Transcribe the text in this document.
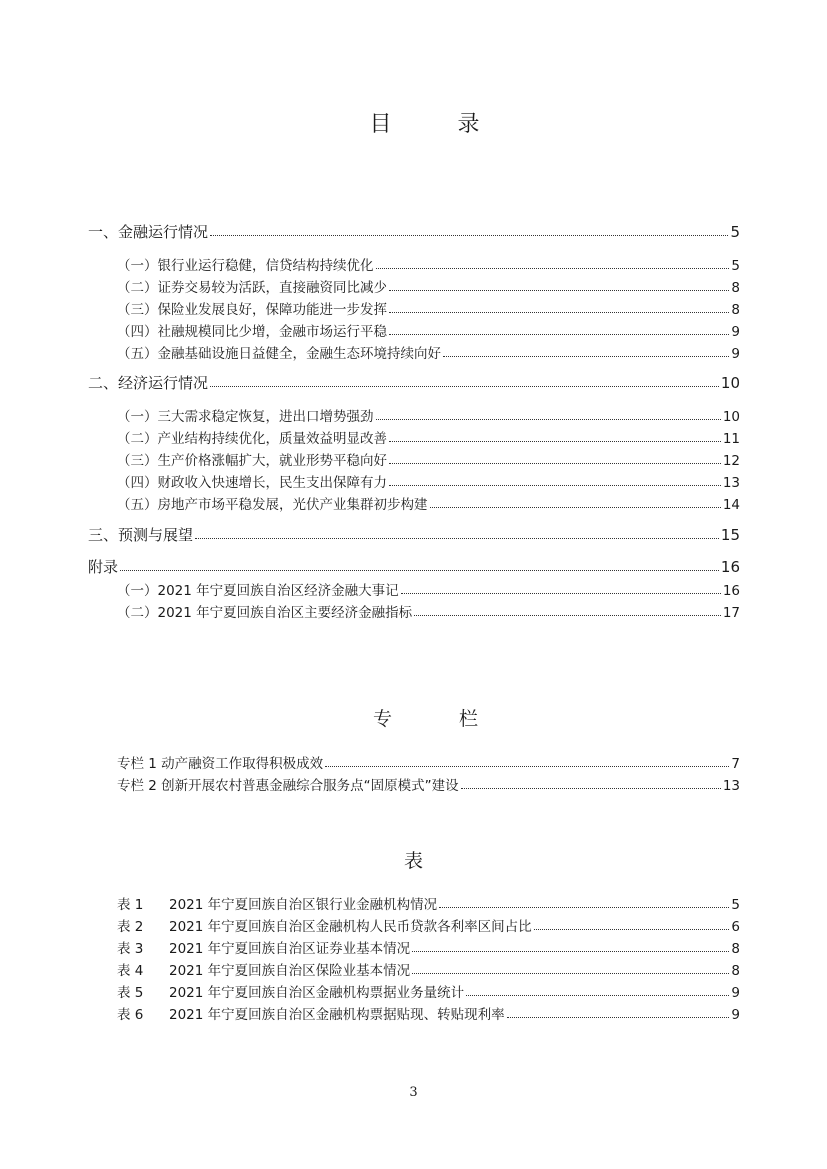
目　录
一、金融运行情况	5
（一）银行业运行稳健，信贷结构持续优化	5
（二）证券交易较为活跃，直接融资同比减少	8
（三）保险业发展良好，保障功能进一步发挥	8
（四）社融规模同比少增，金融市场运行平稳	9
（五）金融基础设施日益健全，金融生态环境持续向好	9
二、经济运行情况	10
（一）三大需求稳定恢复，进出口增势强劲	10
（二）产业结构持续优化，质量效益明显改善	11
（三）生产价格涨幅扩大，就业形势平稳向好	12
（四）财政收入快速增长，民生支出保障有力	13
（五）房地产市场平稳发展，光伏产业集群初步构建	14
三、预测与展望	15
附录	16
（一）2021 年宁夏回族自治区经济金融大事记	16
（二）2021 年宁夏回族自治区主要经济金融指标	17
专　栏
专栏 1 动产融资工作取得积极成效	7
专栏 2 创新开展农村普惠金融综合服务点“固原模式”建设	13
表
表 1 2021 年宁夏回族自治区银行业金融机构情况	5
表 2 2021 年宁夏回族自治区金融机构人民币贷款各利率区间占比	6
表 3 2021 年宁夏回族自治区证券业基本情况	8
表 4 2021 年宁夏回族自治区保险业基本情况	8
表 5 2021 年宁夏回族自治区金融机构票据业务量统计	9
表 6 2021 年宁夏回族自治区金融机构票据贴现、转贴现利率	9
3
